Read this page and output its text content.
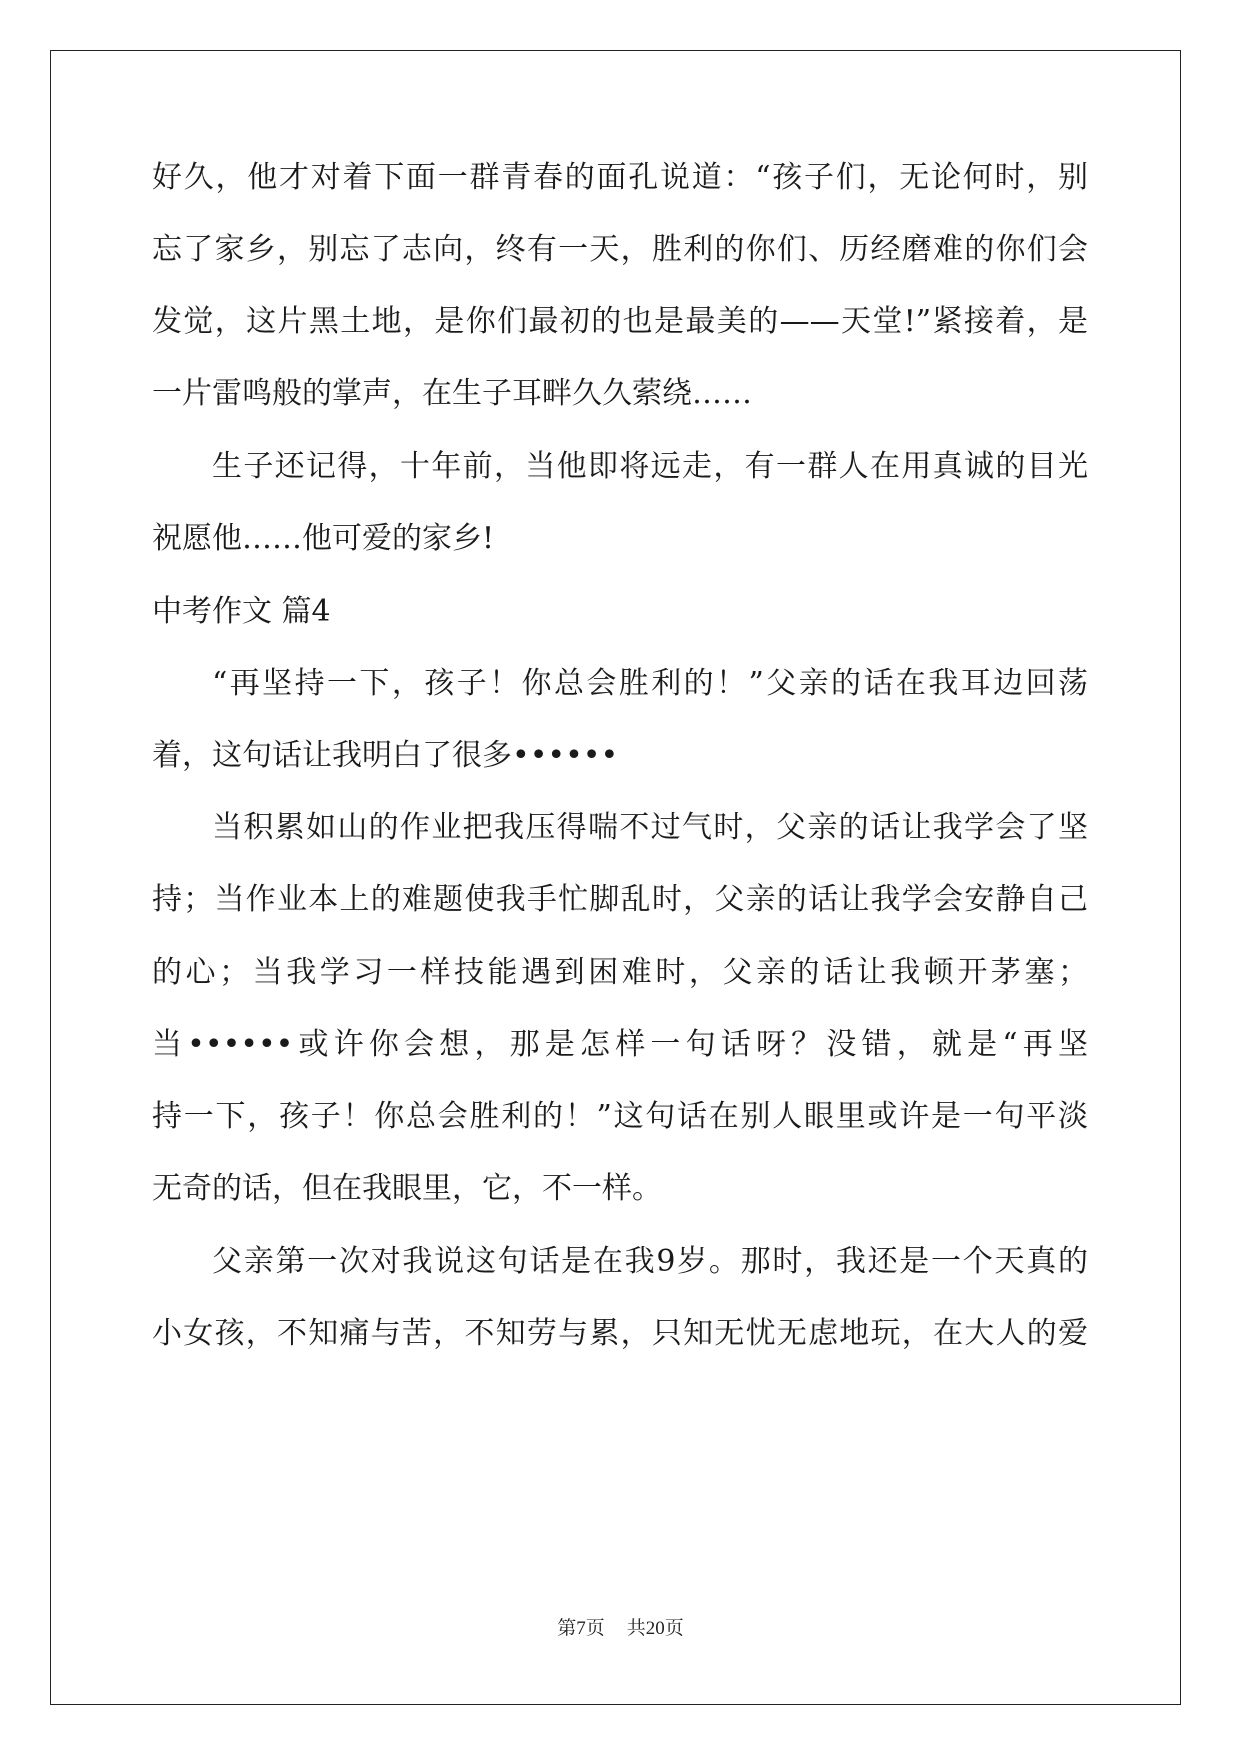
好久，他才对着下面一群青春的面孔说道：“孩子们，无论何时，别
忘了家乡，别忘了志向，终有一天，胜利的你们、历经磨难的你们会
发觉，这片黑土地，是你们最初的也是最美的——天堂!”紧接着，是
一片雷鸣般的掌声，在生子耳畔久久萦绕……
生子还记得，十年前，当他即将远走，有一群人在用真诚的目光
祝愿他……他可爱的家乡!
中考作文 篇4
“再坚持一下，孩子！你总会胜利的！”父亲的话在我耳边回荡
着，这句话让我明白了很多••••••
当积累如山的作业把我压得喘不过气时，父亲的话让我学会了坚
持；当作业本上的难题使我手忙脚乱时，父亲的话让我学会安静自己
的心；当我学习一样技能遇到困难时，父亲的话让我顿开茅塞；
当••••••或许你会想，那是怎样一句话呀？没错，就是“再坚
持一下，孩子！你总会胜利的！”这句话在别人眼里或许是一句平淡
无奇的话，但在我眼里，它，不一样。
父亲第一次对我说这句话是在我9岁。那时，我还是一个天真的
小女孩，不知痛与苦，不知劳与累，只知无忧无虑地玩，在大人的爱
第7页 共20页
